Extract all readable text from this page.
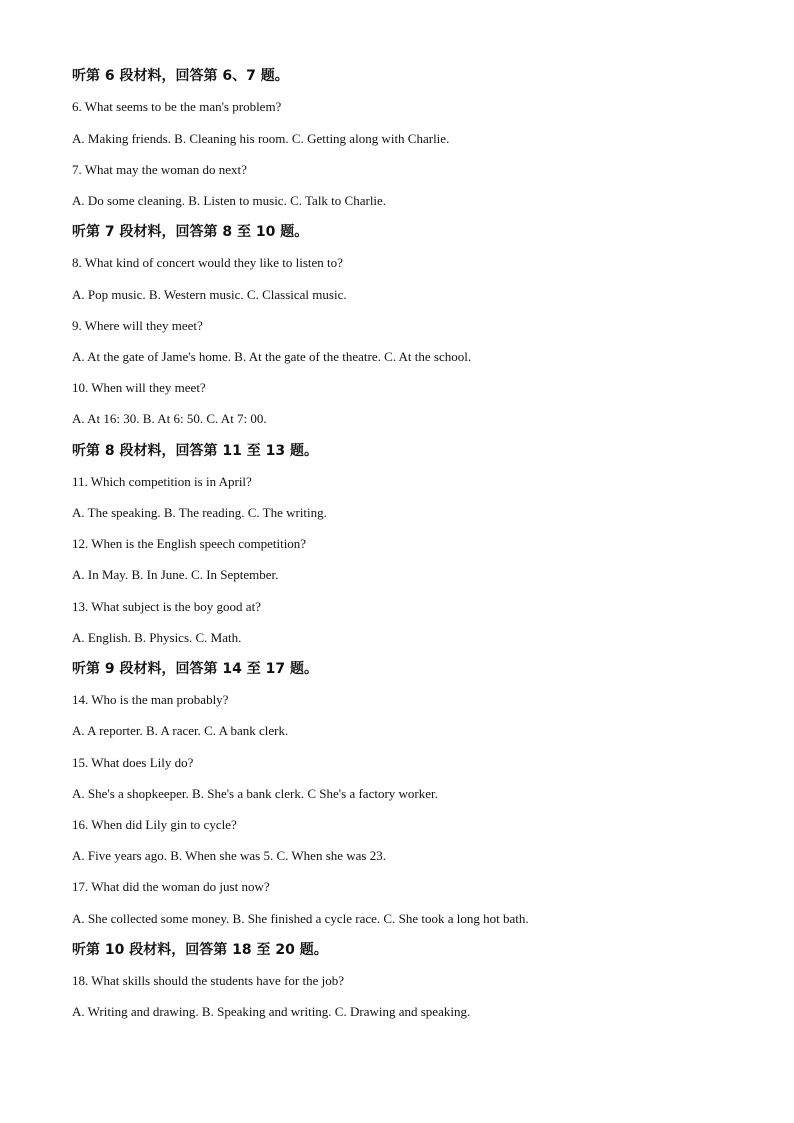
听第 6 段材料，回答第 6、7 题。
6. What seems to be the man's problem?
A. Making friends. B. Cleaning his room. C. Getting along with Charlie.
7. What may the woman do next?
A. Do some cleaning. B. Listen to music. C. Talk to Charlie.
听第 7 段材料，回答第 8 至 10 题。
8. What kind of concert would they like to listen to?
A. Pop music. B. Western music. C. Classical music.
9. Where will they meet?
A. At the gate of Jame's home. B. At the gate of the theatre. C. At the school.
10. When will they meet?
A. At 16: 30. B. At 6: 50. C. At 7: 00.
听第 8 段材料，回答第 11 至 13 题。
11. Which competition is in April?
A. The speaking. B. The reading. C. The writing.
12. When is the English speech competition?
A. In May. B. In June. C. In September.
13. What subject is the boy good at?
A. English. B. Physics. C. Math.
听第 9 段材料，回答第 14 至 17 题。
14. Who is the man probably?
A. A reporter. B. A racer. C. A bank clerk.
15. What does Lily do?
A. She's a shopkeeper. B. She's a bank clerk. C She's a factory worker.
16. When did Lily gin to cycle?
A. Five years ago. B. When she was 5. C. When she was 23.
17. What did the woman do just now?
A. She collected some money. B. She finished a cycle race. C. She took a long hot bath.
听第 10 段材料，回答第 18 至 20 题。
18. What skills should the students have for the job?
A. Writing and drawing. B. Speaking and writing. C. Drawing and speaking.
